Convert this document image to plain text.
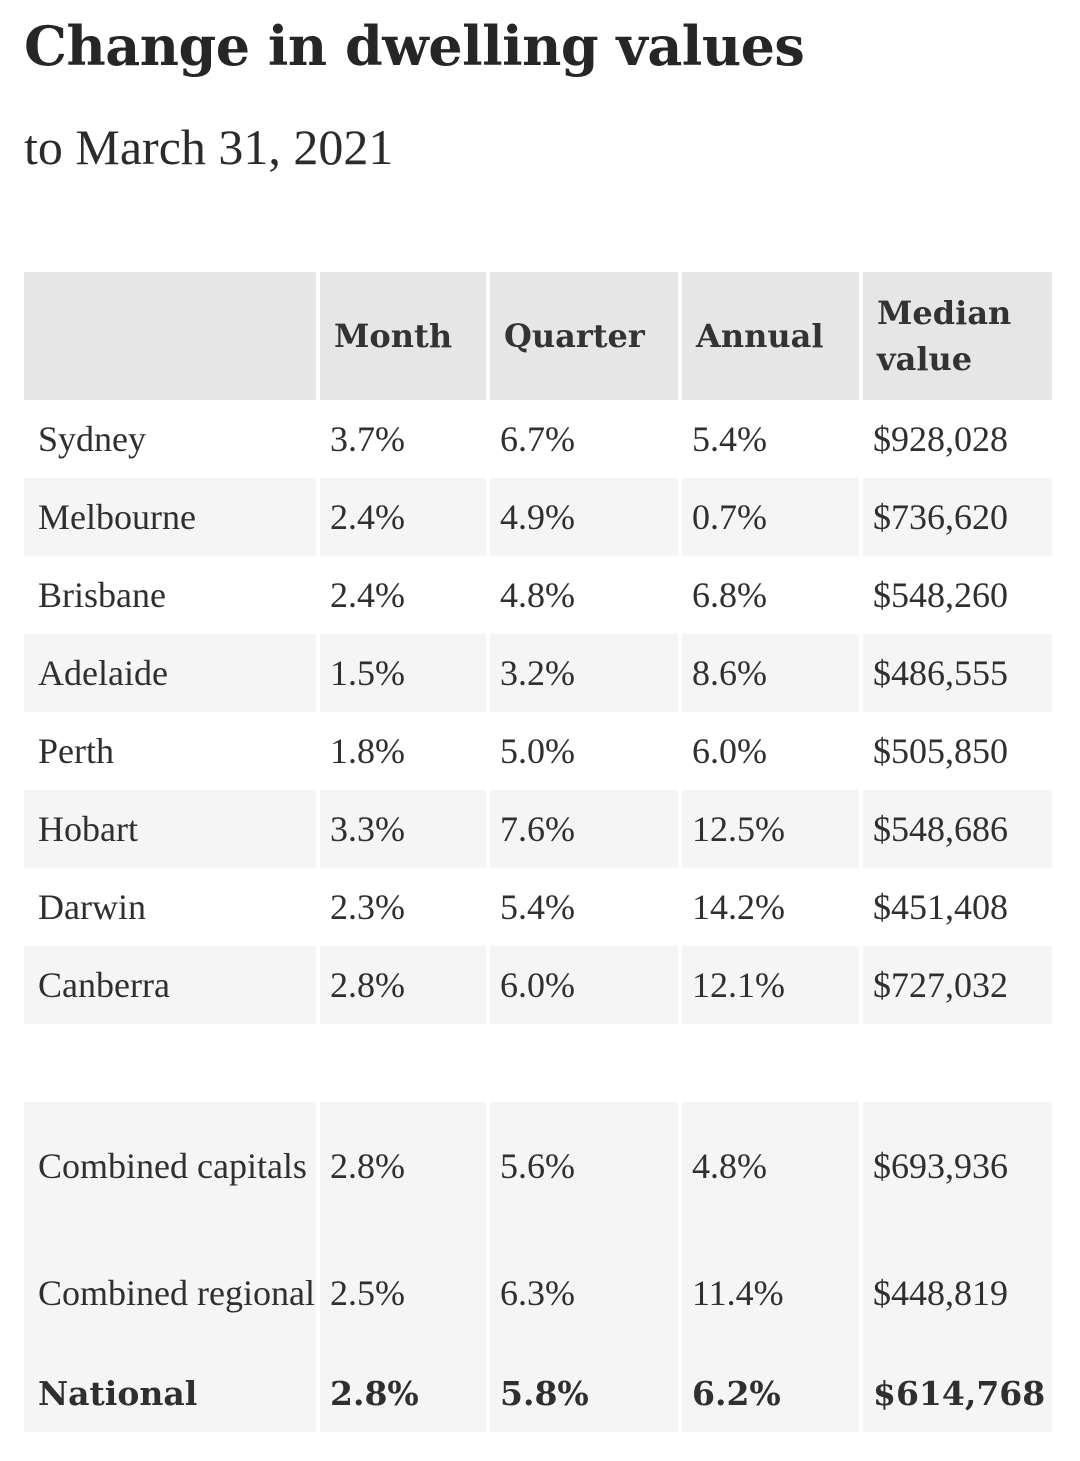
Change in dwelling values
to March 31, 2021
	Month	Quarter	Annual	Median value
Sydney	3.7%	6.7%	5.4%	$928,028
Melbourne	2.4%	4.9%	0.7%	$736,620
Brisbane	2.4%	4.8%	6.8%	$548,260
Adelaide	1.5%	3.2%	8.6%	$486,555
Perth	1.8%	5.0%	6.0%	$505,850
Hobart	3.3%	7.6%	12.5%	$548,686
Darwin	2.3%	5.4%	14.2%	$451,408
Canberra	2.8%	6.0%	12.1%	$727,032

Combined capitals	2.8%	5.6%	4.8%	$693,936
Combined regional	2.5%	6.3%	11.4%	$448,819
National	2.8%	5.8%	6.2%	$614,768
